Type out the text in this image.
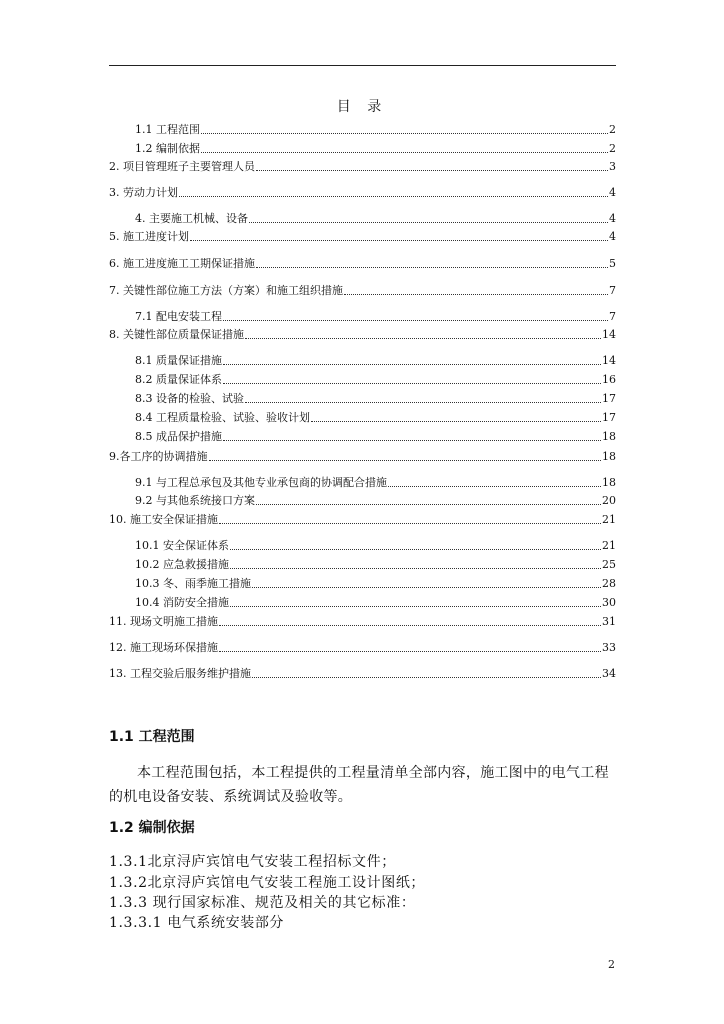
目 录
1.1 工程范围	2
1.2 编制依据	2
2. 项目管理班子主要管理人员	3
3. 劳动力计划	4
4. 主要施工机械、设备	4
5. 施工进度计划	4
6. 施工进度施工工期保证措施	5
7. 关键性部位施工方法（方案）和施工组织措施	7
7.1 配电安装工程	7
8. 关键性部位质量保证措施	14
8.1 质量保证措施	14
8.2 质量保证体系	16
8.3 设备的检验、试验	17
8.4 工程质量检验、试验、验收计划	17
8.5 成品保护措施	18
9.各工序的协调措施	18
9.1 与工程总承包及其他专业承包商的协调配合措施	18
9.2 与其他系统接口方案	20
10. 施工安全保证措施	21
10.1 安全保证体系	21
10.2 应急救援措施	25
10.3 冬、雨季施工措施	28
10.4 消防安全措施	30
11. 现场文明施工措施	31
12. 施工现场环保措施	33
13. 工程交验后服务维护措施	34
1.1 工程范围
本工程范围包括，本工程提供的工程量清单全部内容，施工图中的电气工程的机电设备安装、系统调试及验收等。
1.2 编制依据
1.3.1北京浔庐宾馆电气安装工程招标文件；
1.3.2北京浔庐宾馆电气安装工程施工设计图纸；
1.3.3 现行国家标准、规范及相关的其它标准：
1.3.3.1 电气系统安装部分
2
